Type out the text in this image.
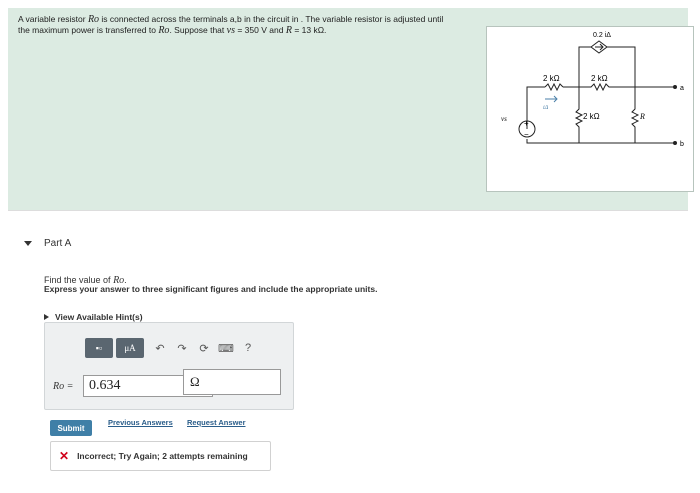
A variable resistor Ro is connected across the terminals a,b in the circuit in . The variable resistor is adjusted until
the maximum power is transferred to Ro. Suppose that vs = 350 V and R = 13 kΩ.
+
−
vs
2 kΩ
0.2 iΔ
2 kΩ
2 kΩ	R
a
b
iΔ
Part A
Find the value of Ro.
Express your answer to three significant figures and include the appropriate units.
View Available Hint(s)
▪▫	μA	↶	↷	⟳ ⌨	?
Ro =	0.634	Ω
Submit
Previous Answers Request Answer
✕ Incorrect; Try Again; 2 attempts remaining
